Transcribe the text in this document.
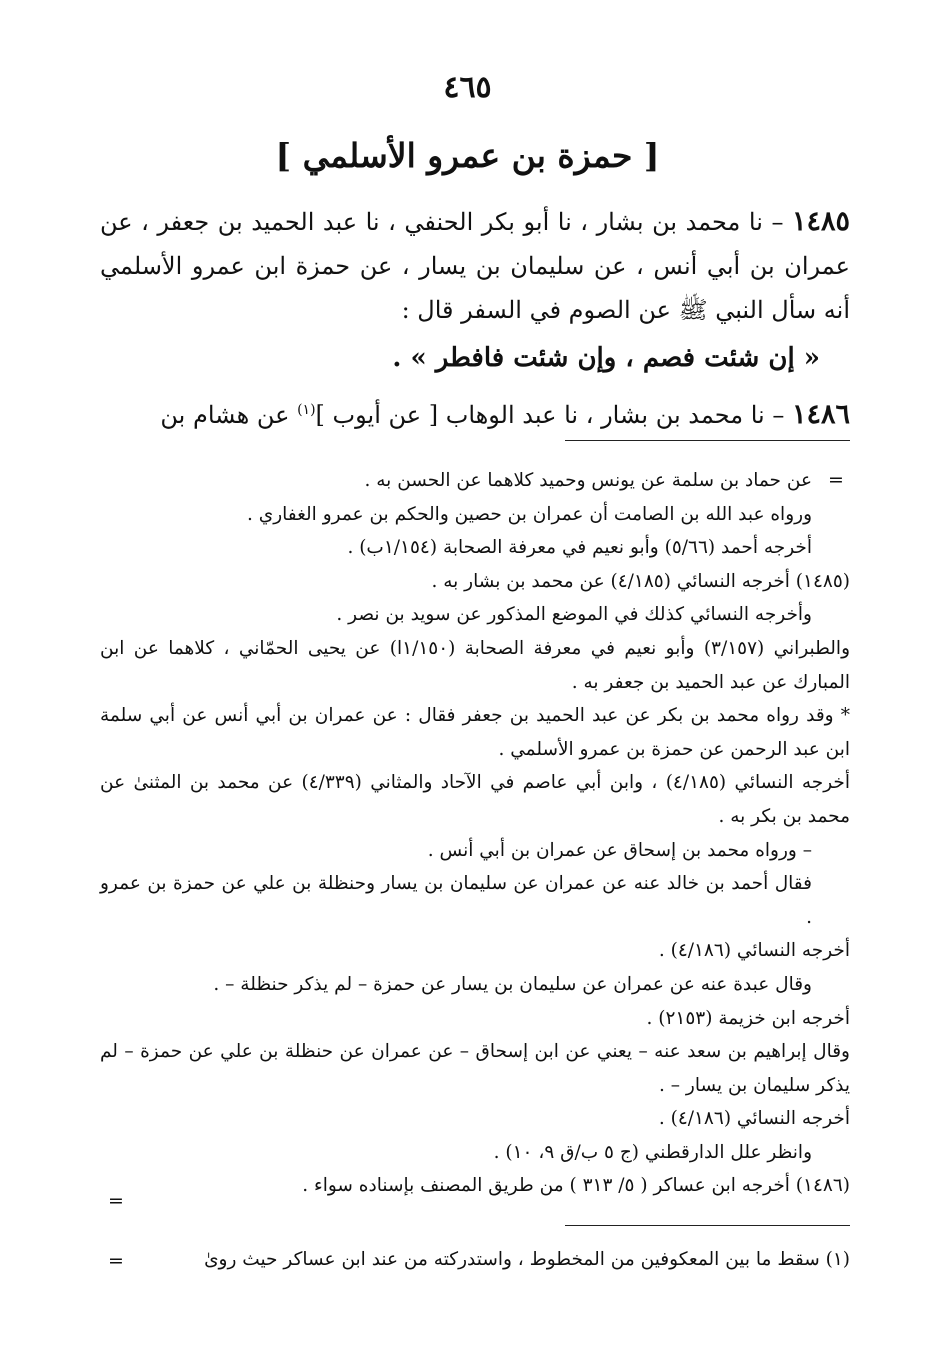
٤٦٥
[ حمزة بن عمرو الأسلمي ]

١٤٨٥ – نا محمد بن بشار ، نا أبو بكر الحنفي ، نا عبد الحميد بن جعفر ، عن عمران بن أبي أنس ، عن سليمان بن يسار ، عن حمزة ابن عمرو الأسلمي أنه سأل النبي ﷺ عن الصوم في السفر قال :

« إن شئت فصم ، وإن شئت فافطر » .

١٤٨٦ – نا محمد بن بشار ، نا عبد الوهاب [ عن أيوب ]$^{(١)}$ عن هشام بن

=
عن حماد بن سلمة عن يونس وحميد كلاهما عن الحسن به .
ورواه عبد الله بن الصامت أن عمران بن حصين والحكم بن عمرو الغفاري .
أخرجه أحمد (٥/٦٦) وأبو نعيم في معرفة الصحابة (١/١٥٤ب) .
(١٤٨٥) أخرجه النسائي (٤/١٨٥) عن محمد بن بشار به .
وأخرجه النسائي كذلك في الموضع المذكور عن سويد بن نصر .
والطبراني (٣/١٥٧) وأبو نعيم في معرفة الصحابة (١/١٥٠ا) عن يحيى الحمّاني ، كلاهما عن ابن المبارك عن عبد الحميد بن جعفر به .
* وقد رواه محمد بن بكر عن عبد الحميد بن جعفر فقال : عن عمران بن أبي أنس عن أبي سلمة ابن عبد الرحمن عن حمزة بن عمرو الأسلمي .
أخرجه النسائي (٤/١٨٥) ، وابن أبي عاصم في الآحاد والمثاني (٤/٣٣٩) عن محمد بن المثنىٰ عن محمد بن بكر به .
– ورواه محمد بن إسحاق عن عمران بن أبي أنس .
فقال أحمد بن خالد عنه عن عمران عن سليمان بن يسار وحنظلة بن علي عن حمزة بن عمرو .
أخرجه النسائي (٤/١٨٦) .
وقال عبدة عنه عن عمران عن سليمان بن يسار عن حمزة – لم يذكر حنظلة – .
أخرجه ابن خزيمة (٢١٥٣) .
وقال إبراهيم بن سعد عنه – يعني عن ابن إسحاق – عن عمران عن حنظلة بن علي عن حمزة – لم يذكر سليمان بن يسار – .
أخرجه النسائي (٤/١٨٦) .
وانظر علل الدارقطني (ج ٥ ب/ق ٩، ١٠) .
(١٤٨٦) أخرجه ابن عساكر ( ٥/ ٣١٣ ) من طريق المصنف بإسناده سواء .
=
(١) سقط ما بين المعكوفين من المخطوط ، واستدركته من عند ابن عساكر حيث روىٰ
=
